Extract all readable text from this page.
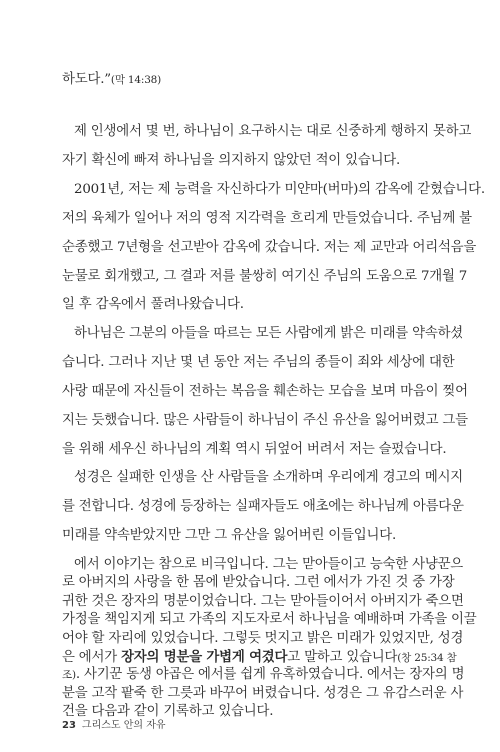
하도다.”(막 14:38)
제 인생에서 몇 번, 하나님이 요구하시는 대로 신중하게 행하지 못하고
자기 확신에 빠져 하나님을 의지하지 않았던 적이 있습니다.
2001년, 저는 제 능력을 자신하다가 미얀마(버마)의 감옥에 갇혔습니다.
저의 육체가 일어나 저의 영적 지각력을 흐리게 만들었습니다. 주님께 불
순종했고 7년형을 선고받아 감옥에 갔습니다. 저는 제 교만과 어리석음을
눈물로 회개했고, 그 결과 저를 불쌍히 여기신 주님의 도움으로 7개월 7
일 후 감옥에서 풀려나왔습니다.
하나님은 그분의 아들을 따르는 모든 사람에게 밝은 미래를 약속하셨
습니다. 그러나 지난 몇 년 동안 저는 주님의 종들이 죄와 세상에 대한
사랑 때문에 자신들이 전하는 복음을 훼손하는 모습을 보며 마음이 찢어
지는 듯했습니다. 많은 사람들이 하나님이 주신 유산을 잃어버렸고 그들
을 위해 세우신 하나님의 계획 역시 뒤엎어 버려서 저는 슬펐습니다.
성경은 실패한 인생을 산 사람들을 소개하며 우리에게 경고의 메시지
를 전합니다. 성경에 등장하는 실패자들도 애초에는 하나님께 아름다운
미래를 약속받았지만 그만 그 유산을 잃어버린 이들입니다.
에서 이야기는 참으로 비극입니다. 그는 맏아들이고 능숙한 사냥꾼으
로 아버지의 사랑을 한 몸에 받았습니다. 그런 에서가 가진 것 중 가장
귀한 것은 장자의 명분이었습니다. 그는 맏아들이어서 아버지가 죽으면
가정을 책임지게 되고 가족의 지도자로서 하나님을 예배하며 가족을 이끌
어야 할 자리에 있었습니다. 그렇듯 멋지고 밝은 미래가 있었지만, 성경
은 에서가 장자의 명분을 가볍게 여겼다고 말하고 있습니다(창 25:34 참
조). 사기꾼 동생 야곱은 에서를 쉽게 유혹하였습니다. 에서는 장자의 명
분을 고작 팥죽 한 그릇과 바꾸어 버렸습니다. 성경은 그 유감스러운 사
건을 다음과 같이 기록하고 있습니다.
23 그리스도 안의 자유
